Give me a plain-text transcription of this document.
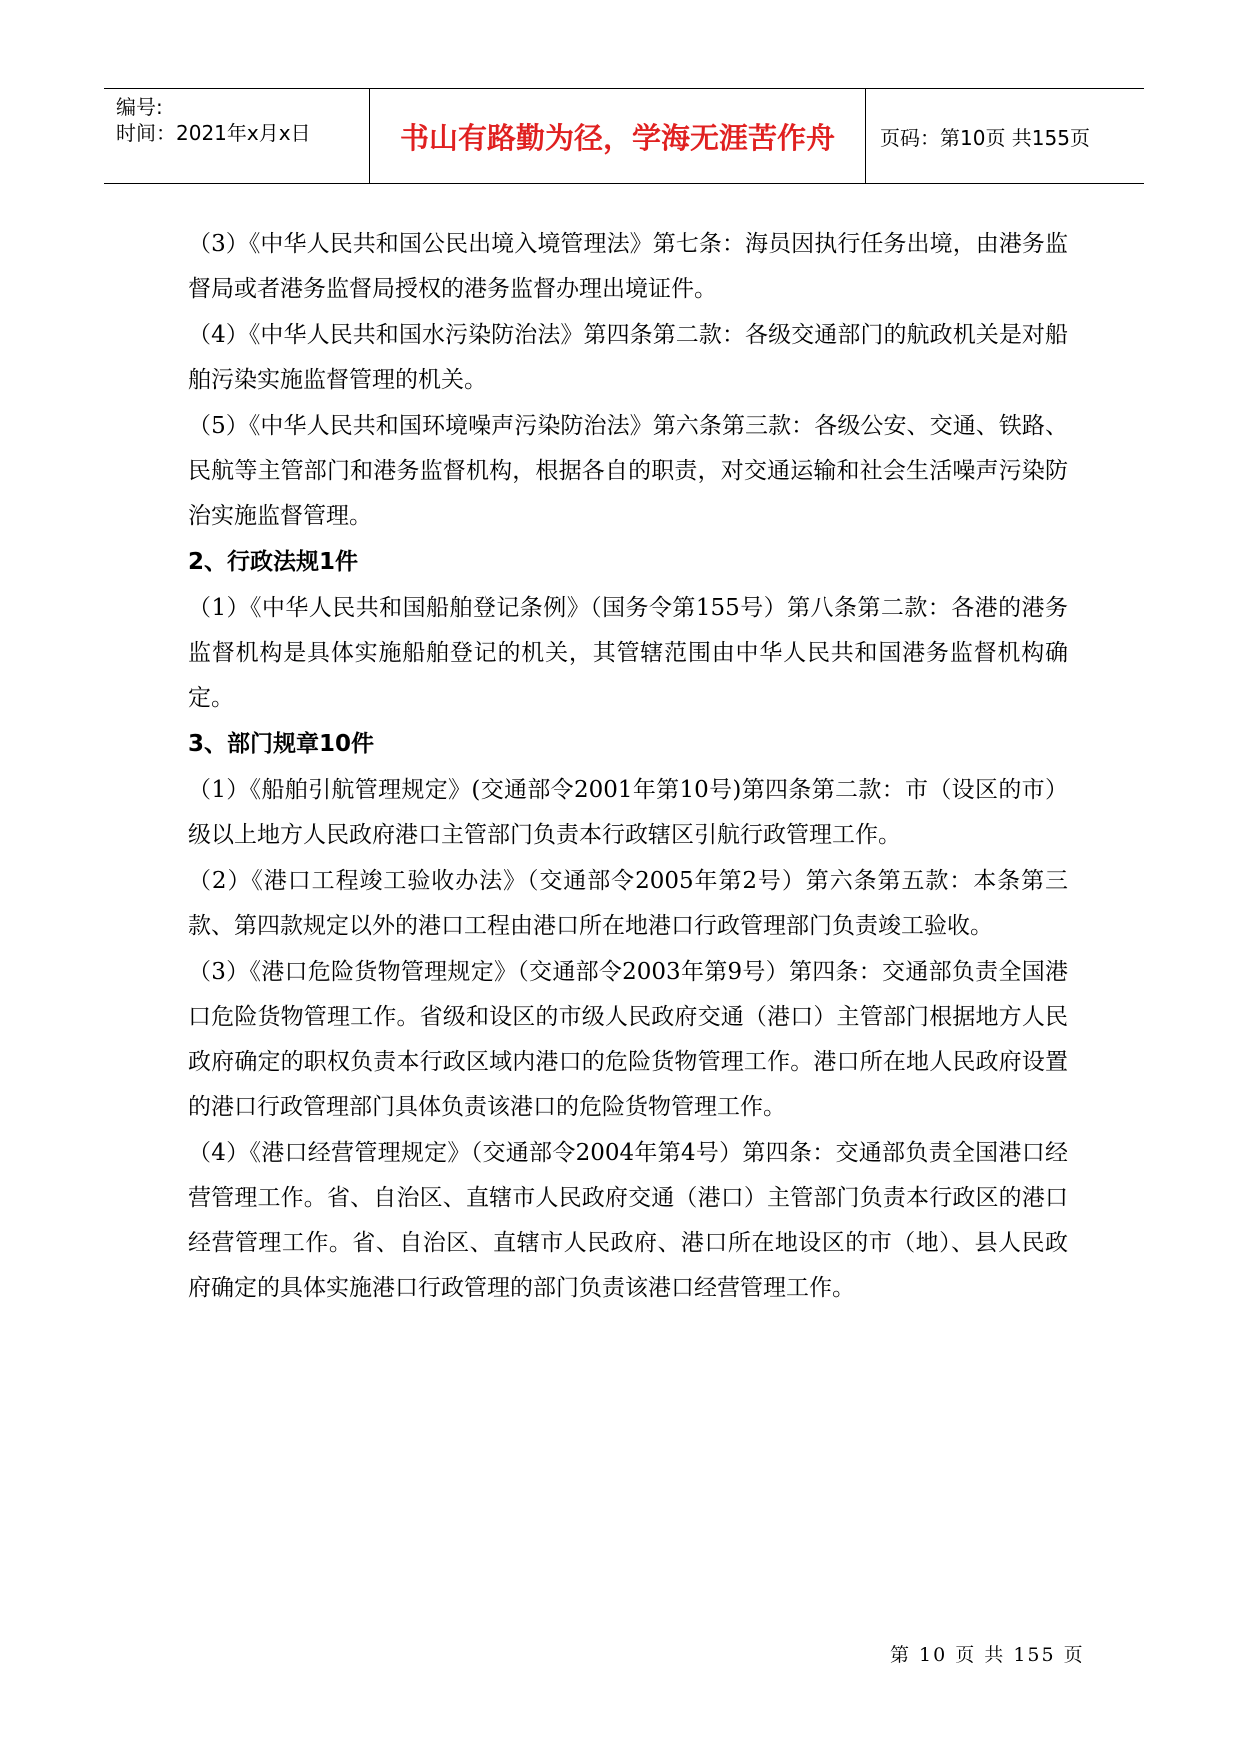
编号:
时间：2021年x月x日	书山有路勤为径，学海无涯苦作舟	页码：第10页 共155页

（3）《中华人民共和国公民出境入境管理法》第七条：海员因执行任务出境，由港务监督局或者港务监督局授权的港务监督办理出境证件。

（4）《中华人民共和国水污染防治法》第四条第二款：各级交通部门的航政机关是对船舶污染实施监督管理的机关。

（5）《中华人民共和国环境噪声污染防治法》第六条第三款：各级公安、交通、铁路、民航等主管部门和港务监督机构，根据各自的职责，对交通运输和社会生活噪声污染防治实施监督管理。

2、行政法规1件

（1）《中华人民共和国船舶登记条例》（国务令第155号）第八条第二款：各港的港务监督机构是具体实施船舶登记的机关，其管辖范围由中华人民共和国港务监督机构确定。

3、部门规章10件

（1）《船舶引航管理规定》(交通部令2001年第10号)第四条第二款：市（设区的市）级以上地方人民政府港口主管部门负责本行政辖区引航行政管理工作。

（2）《港口工程竣工验收办法》（交通部令2005年第2号）第六条第五款：本条第三款、第四款规定以外的港口工程由港口所在地港口行政管理部门负责竣工验收。

（3）《港口危险货物管理规定》（交通部令2003年第9号）第四条：交通部负责全国港口危险货物管理工作。省级和设区的市级人民政府交通（港口）主管部门根据地方人民政府确定的职权负责本行政区域内港口的危险货物管理工作。港口所在地人民政府设置的港口行政管理部门具体负责该港口的危险货物管理工作。

（4）《港口经营管理规定》（交通部令2004年第4号）第四条：交通部负责全国港口经营管理工作。省、自治区、直辖市人民政府交通（港口）主管部门负责本行政区的港口经营管理工作。省、自治区、直辖市人民政府、港口所在地设区的市（地）、县人民政府确定的具体实施港口行政管理的部门负责该港口经营管理工作。

第 10 页 共 155 页
